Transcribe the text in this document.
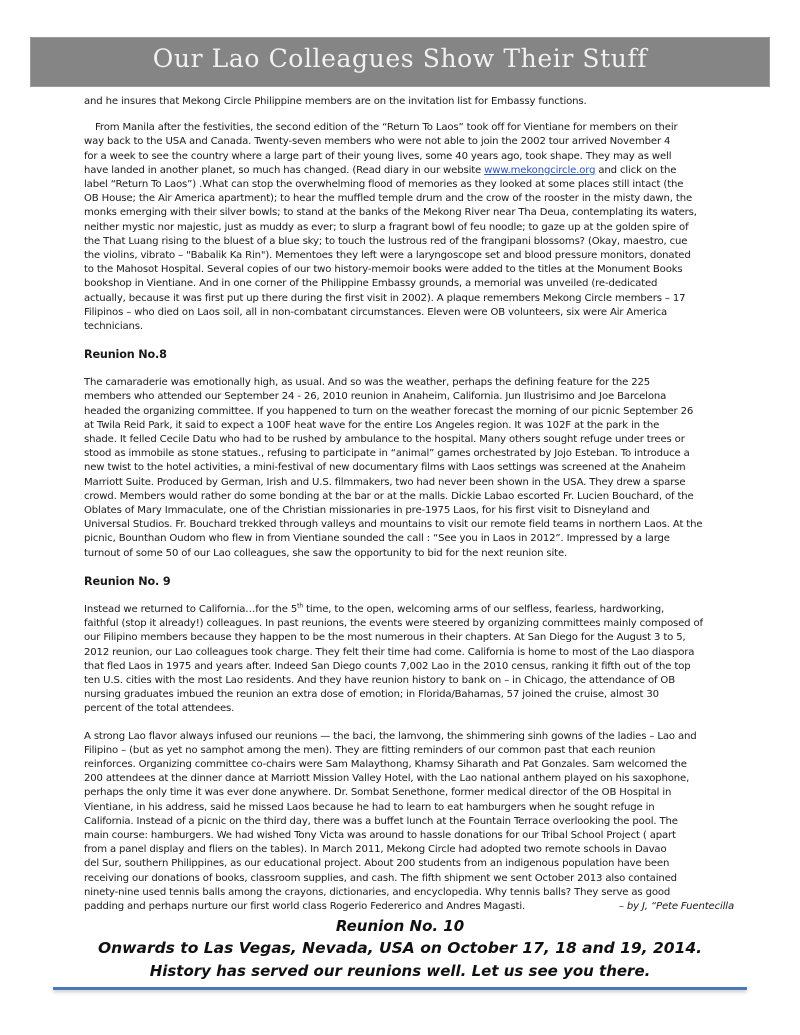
Our Lao Colleagues Show Their Stuff

and he insures that Mekong Circle Philippine members are on the invitation list for Embassy functions.

From Manila after the festivities, the second edition of the “Return To Laos” took off for Vientiane for members on their
way back to the USA and Canada. Twenty-seven members who were not able to join the 2002 tour arrived November 4
for a week to see the country where a large part of their young lives, some 40 years ago, took shape. They may as well
have landed in another planet, so much has changed. (Read diary in our website www.mekongcircle.org and click on the
label “Return To Laos”) .What can stop the overwhelming flood of memories as they looked at some places still intact (the
OB House; the Air America apartment); to hear the muffled temple drum and the crow of the rooster in the misty dawn, the
monks emerging with their silver bowls; to stand at the banks of the Mekong River near Tha Deua, contemplating its waters,
neither mystic nor majestic, just as muddy as ever; to slurp a fragrant bowl of feu noodle; to gaze up at the golden spire of
the That Luang rising to the bluest of a blue sky; to touch the lustrous red of the frangipani blossoms? (Okay, maestro, cue
the violins, vibrato – "Babalik Ka Rin"). Mementoes they left were a laryngoscope set and blood pressure monitors, donated
to the Mahosot Hospital. Several copies of our two history-memoir books were added to the titles at the Monument Books
bookshop in Vientiane. And in one corner of the Philippine Embassy grounds, a memorial was unveiled (re-dedicated
actually, because it was first put up there during the first visit in 2002). A plaque remembers Mekong Circle members – 17
Filipinos – who died on Laos soil, all in non-combatant circumstances. Eleven were OB volunteers, six were Air America
technicians.

Reunion No.8

The camaraderie was emotionally high, as usual. And so was the weather, perhaps the defining feature for the 225
members who attended our September 24 - 26, 2010 reunion in Anaheim, California. Jun Ilustrisimo and Joe Barcelona
headed the organizing committee. If you happened to turn on the weather forecast the morning of our picnic September 26
at Twila Reid Park, it said to expect a 100F heat wave for the entire Los Angeles region. It was 102F at the park in the
shade. It felled Cecile Datu who had to be rushed by ambulance to the hospital. Many others sought refuge under trees or
stood as immobile as stone statues., refusing to participate in “animal” games orchestrated by Jojo Esteban. To introduce a
new twist to the hotel activities, a mini-festival of new documentary films with Laos settings was screened at the Anaheim
Marriott Suite. Produced by German, Irish and U.S. filmmakers, two had never been shown in the USA. They drew a sparse
crowd. Members would rather do some bonding at the bar or at the malls. Dickie Labao escorted Fr. Lucien Bouchard, of the
Oblates of Mary Immaculate, one of the Christian missionaries in pre-1975 Laos, for his first visit to Disneyland and
Universal Studios. Fr. Bouchard trekked through valleys and mountains to visit our remote field teams in northern Laos. At the
picnic, Bounthan Oudom who flew in from Vientiane sounded the call : “See you in Laos in 2012”. Impressed by a large
turnout of some 50 of our Lao colleagues, she saw the opportunity to bid for the next reunion site.

Reunion No. 9

Instead we returned to California…for the 5th time, to the open, welcoming arms of our selfless, fearless, hardworking,
faithful (stop it already!) colleagues. In past reunions, the events were steered by organizing committees mainly composed of
our Filipino members because they happen to be the most numerous in their chapters. At San Diego for the August 3 to 5,
2012 reunion, our Lao colleagues took charge. They felt their time had come. California is home to most of the Lao diaspora
that fled Laos in 1975 and years after. Indeed San Diego counts 7,002 Lao in the 2010 census, ranking it fifth out of the top
ten U.S. cities with the most Lao residents. And they have reunion history to bank on – in Chicago, the attendance of OB
nursing graduates imbued the reunion an extra dose of emotion; in Florida/Bahamas, 57 joined the cruise, almost 30
percent of the total attendees.

A strong Lao flavor always infused our reunions — the baci, the lamvong, the shimmering sinh gowns of the ladies – Lao and
Filipino – (but as yet no samphot among the men). They are fitting reminders of our common past that each reunion
reinforces. Organizing committee co-chairs were Sam Malaythong, Khamsy Siharath and Pat Gonzales. Sam welcomed the
200 attendees at the dinner dance at Marriott Mission Valley Hotel, with the Lao national anthem played on his saxophone,
perhaps the only time it was ever done anywhere. Dr. Sombat Senethone, former medical director of the OB Hospital in
Vientiane, in his address, said he missed Laos because he had to learn to eat hamburgers when he sought refuge in
California. Instead of a picnic on the third day, there was a buffet lunch at the Fountain Terrace overlooking the pool. The
main course: hamburgers. We had wished Tony Victa was around to hassle donations for our Tribal School Project ( apart
from a panel display and fliers on the tables). In March 2011, Mekong Circle had adopted two remote schools in Davao
del Sur, southern Philippines, as our educational project. About 200 students from an indigenous population have been
receiving our donations of books, classroom supplies, and cash. The fifth shipment we sent October 2013 also contained
ninety-nine used tennis balls among the crayons, dictionaries, and encyclopedia. Why tennis balls? They serve as good
padding and perhaps nurture our first world class Rogerio Federerico and Andres Magasti.	– by J, “Pete Fuentecilla

Reunion No. 10
Onwards to Las Vegas, Nevada, USA on October 17, 18 and 19, 2014.
History has served our reunions well. Let us see you there.
